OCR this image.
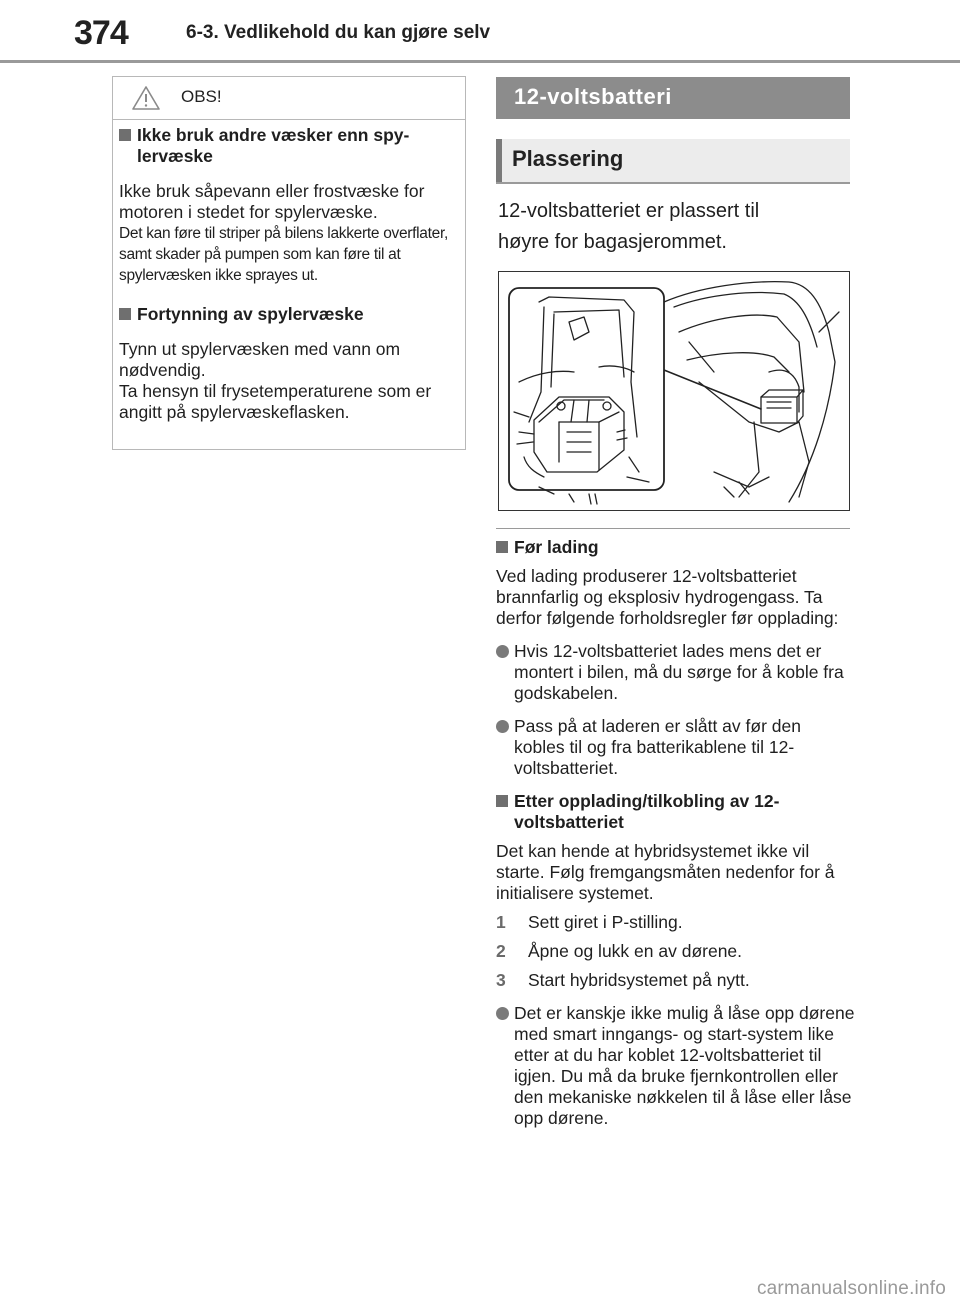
374	6-3. Vedlikehold du kan gjøre selv
OBS!
Ikke bruk andre væsker enn spy-lervæske

Ikke bruk såpevann eller frostvæske for motoren i stedet for spylervæske.

Det kan føre til striper på bilens lakkerte overflater, samt skader på pumpen som kan føre til at spylervæsken ikke sprayes ut.

Fortynning av spylervæske

Tynn ut spylervæsken med vann om nødvendig.

Ta hensyn til frysetemperaturene som er angitt på spylervæskeflasken.

12-voltsbatteri
Plassering
12-voltsbatteriet er plassert til
høyre for bagasjerommet.
Før lading

Ved lading produserer 12-voltsbatteriet brannfarlig og eksplosiv hydrogengass. Ta derfor følgende forholdsregler før opplading:

Hvis 12-voltsbatteriet lades mens det er montert i bilen, må du sørge for å koble fra godskabelen.
Pass på at laderen er slått av før den kobles til og fra batterikablene til 12-voltsbatteriet.
Etter opplading/tilkobling av 12-voltsbatteriet

Det kan hende at hybridsystemet ikke vil starte. Følg fremgangsmåten nedenfor for å initialisere systemet.

1 Sett giret i P-stilling.
2 Åpne og lukk en av dørene.
3 Start hybridsystemet på nytt.
Det er kanskje ikke mulig å låse opp dørene med smart inngangs- og start-system like etter at du har koblet 12-voltsbatteriet til igjen. Du må da bruke fjernkontrollen eller den mekaniske nøkkelen til å låse eller låse opp dørene.
carmanualsonline.info
